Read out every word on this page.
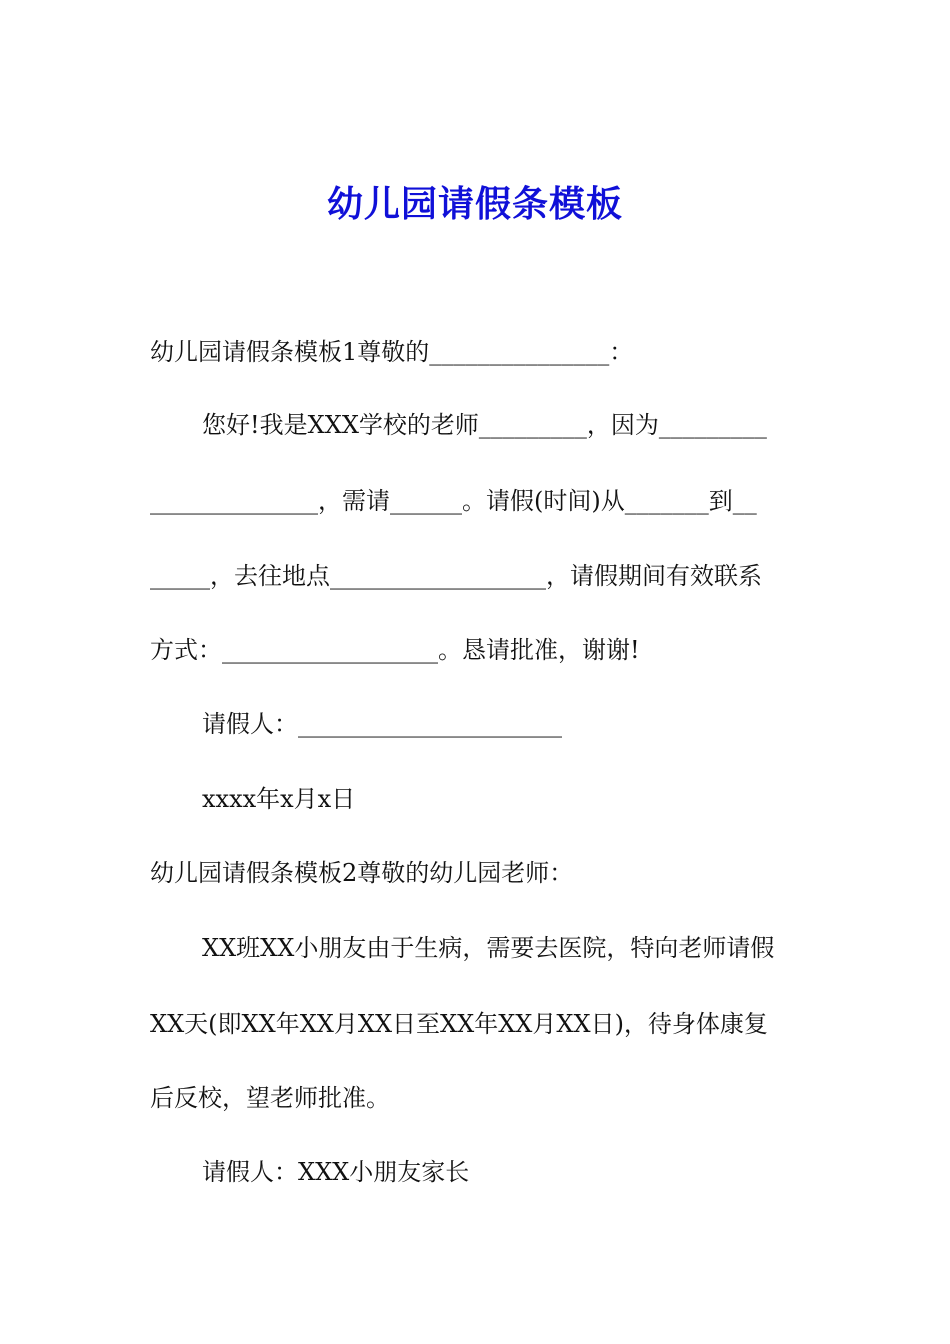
幼儿园请假条模板
幼儿园请假条模板1尊敬的_______________：
您好!我是XXX学校的老师_________，因为_________
______________，需请______。请假(时间)从_______到__
_____，去往地点__________________，请假期间有效联系
方式：__________________。恳请批准，谢谢!
请假人：______________________
xxxx年x月x日
幼儿园请假条模板2尊敬的幼儿园老师：
XX班XX小朋友由于生病，需要去医院，特向老师请假
XX天(即XX年XX月XX日至XX年XX月XX日)，待身体康复
后反校，望老师批准。
请假人：XXX小朋友家长
